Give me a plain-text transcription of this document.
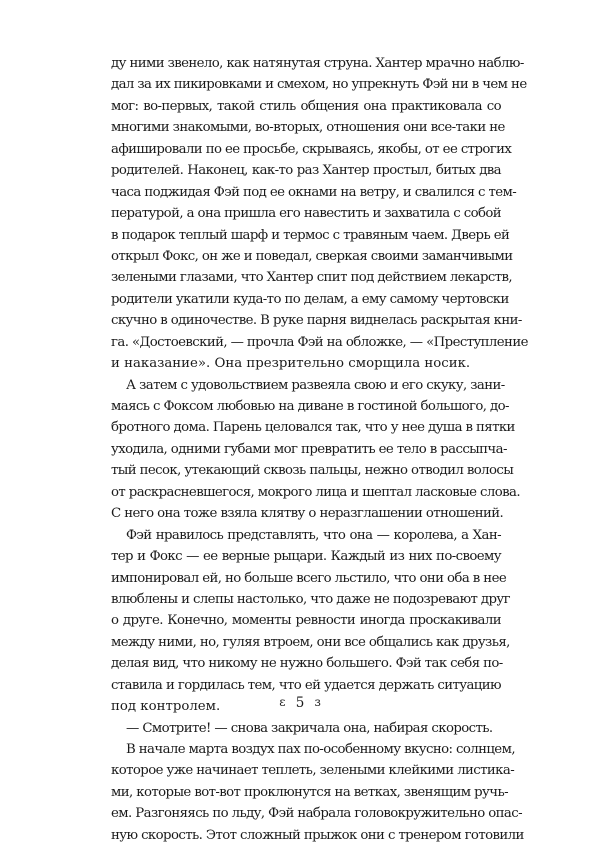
ду ними звенело, как натянутая струна. Хантер мрачно наблю-
дал за их пикировками и смехом, но упрекнуть Фэй ни в чем не
мог: во-первых, такой стиль общения она практиковала со
многими знакомыми, во-вторых, отношения они все-таки не
афишировали по ее просьбе, скрываясь, якобы, от ее строгих
родителей. Наконец, как-то раз Хантер простыл, битых два
часа поджидая Фэй под ее окнами на ветру, и свалился с тем-
пературой, а она пришла его навестить и захватила с собой
в подарок теплый шарф и термос с травяным чаем. Дверь ей
открыл Фокс, он же и поведал, сверкая своими заманчивыми
зелеными глазами, что Хантер спит под действием лекарств,
родители укатили куда-то по делам, а ему самому чертовски
скучно в одиночестве. В руке парня виднелась раскрытая кни-
га. «Достоевский, — прочла Фэй на обложке, — «Преступление
и наказание». Она презрительно сморщила носик.
А затем с удовольствием развеяла свою и его скуку, зани-
маясь с Фоксом любовью на диване в гостиной большого, до-
бротного дома. Парень целовался так, что у нее душа в пятки
уходила, одними губами мог превратить ее тело в рассыпча-
тый песок, утекающий сквозь пальцы, нежно отводил волосы
от раскрасневшегося, мокрого лица и шептал ласковые слова.
С него она тоже взяла клятву о неразглашении отношений.
Фэй нравилось представлять, что она — королева, а Хан-
тер и Фокс — ее верные рыцари. Каждый из них по-своему
импонировал ей, но больше всего льстило, что они оба в нее
влюблены и слепы настолько, что даже не подозревают друг
о друге. Конечно, моменты ревности иногда проскакивали
между ними, но, гуляя втроем, они все общались как друзья,
делая вид, что никому не нужно большего. Фэй так себя по-
ставила и гордилась тем, что ей удается держать ситуацию
под контролем.
— Смотрите! — снова закричала она, набирая скорость.
В начале марта воздух пах по-особенному вкусно: солнцем,
которое уже начинает теплеть, зелеными клейкими листика-
ми, которые вот-вот проклюнутся на ветках, звенящим ручь-
ем. Разгоняясь по льду, Фэй набрала головокружительно опас-
ную скорость. Этот сложный прыжок они с тренером готовили
ɛ 5 ɜ
